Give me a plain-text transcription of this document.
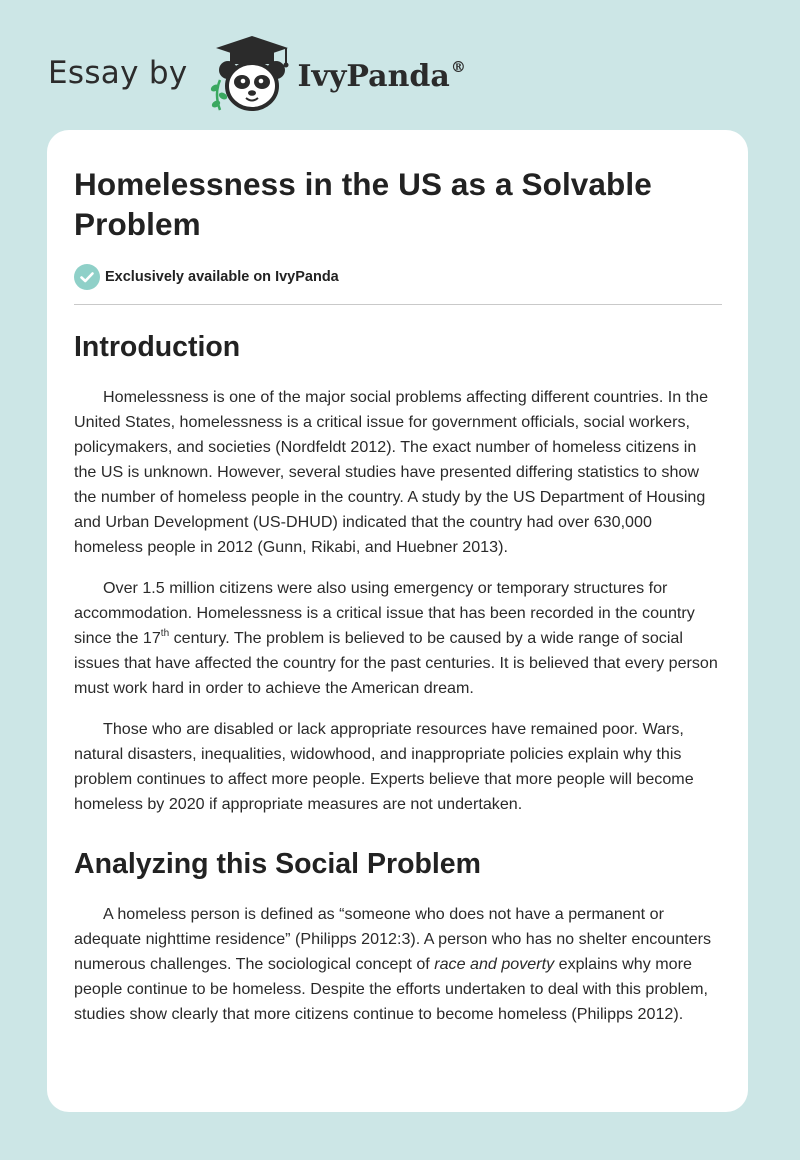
Essay by	IvyPanda®
Homelessness in the US as a Solvable Problem
Exclusively available on IvyPanda
Introduction

Homelessness is one of the major social problems affecting different countries. In the United States, homelessness is a critical issue for government officials, social workers, policymakers, and societies (Nordfeldt 2012). The exact number of homeless citizens in the US is unknown. However, several studies have presented differing statistics to show the number of homeless people in the country. A study by the US Department of Housing and Urban Development (US-DHUD) indicated that the country had over 630,000 homeless people in 2012 (Gunn, Rikabi, and Huebner 2013).

Over 1.5 million citizens were also using emergency or temporary structures for accommodation. Homelessness is a critical issue that has been recorded in the country since the 17th century. The problem is believed to be caused by a wide range of social issues that have affected the country for the past centuries. It is believed that every person must work hard in order to achieve the American dream.

Those who are disabled or lack appropriate resources have remained poor. Wars, natural disasters, inequalities, widowhood, and inappropriate policies explain why this problem continues to affect more people. Experts believe that more people will become homeless by 2020 if appropriate measures are not undertaken.

Analyzing this Social Problem

A homeless person is defined as “someone who does not have a permanent or adequate nighttime residence” (Philipps 2012:3). A person who has no shelter encounters numerous challenges. The sociological concept of race and poverty explains why more people continue to be homeless. Despite the efforts undertaken to deal with this problem, studies show clearly that more citizens continue to become homeless (Philipps 2012).
